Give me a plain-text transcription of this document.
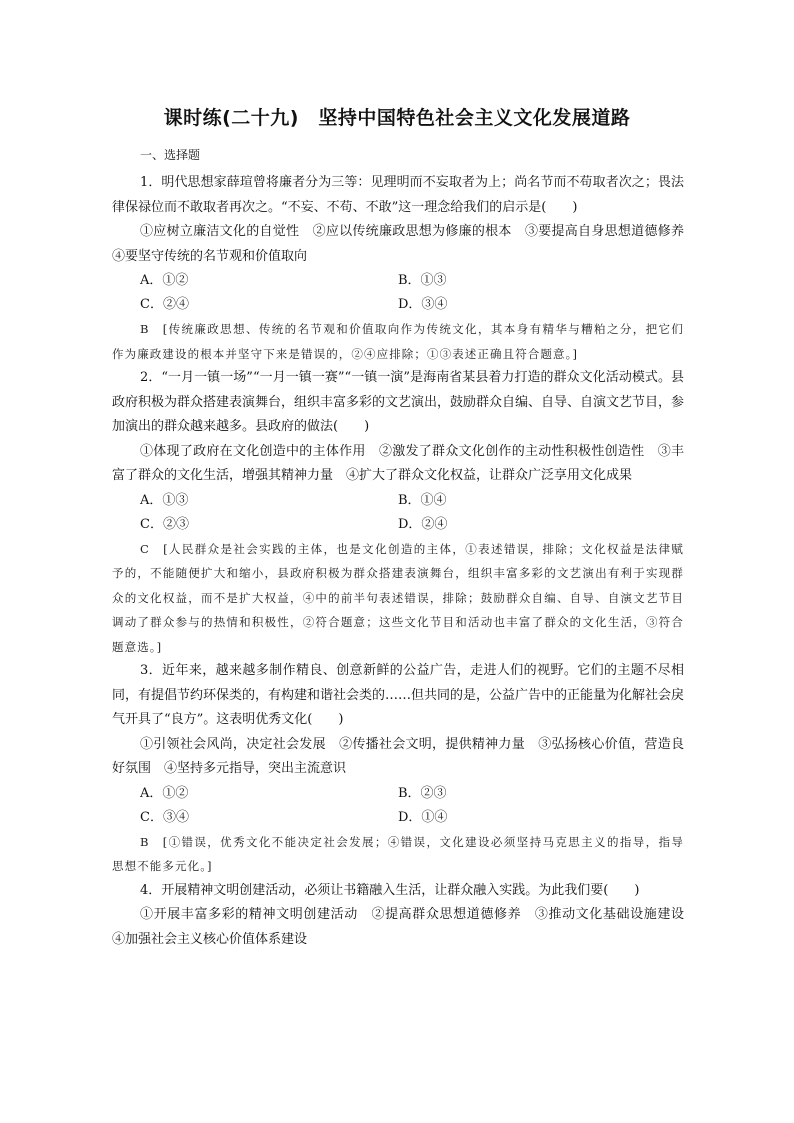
课时练(二十九)　坚持中国特色社会主义文化发展道路
一、选择题

1．明代思想家薛瑄曾将廉者分为三等：见理明而不妄取者为上；尚名节而不苟取者次之；畏法律保禄位而不敢取者再次之。“不妄、不苟、不敢”这一理念给我们的启示是(　　)

①应树立廉洁文化的自觉性　②应以传统廉政思想为修廉的根本　③要提高自身思想道德修养　④要坚守传统的名节观和价值取向

A．①②	B．①③
C．②④	D．③④

B　[传统廉政思想、传统的名节观和价值取向作为传统文化，其本身有精华与糟粕之分，把它们作为廉政建设的根本并坚守下来是错误的，②④应排除；①③表述正确且符合题意。]

2．“一月一镇一场”“一月一镇一赛”“一镇一演”是海南省某县着力打造的群众文化活动模式。县政府积极为群众搭建表演舞台，组织丰富多彩的文艺演出，鼓励群众自编、自导、自演文艺节目，参加演出的群众越来越多。县政府的做法(　　)

①体现了政府在文化创造中的主体作用　②激发了群众文化创作的主动性积极性创造性　③丰富了群众的文化生活，增强其精神力量　④扩大了群众文化权益，让群众广泛享用文化成果

A．①③	B．①④
C．②③	D．②④

C　[人民群众是社会实践的主体，也是文化创造的主体，①表述错误，排除；文化权益是法律赋予的，不能随便扩大和缩小，县政府积极为群众搭建表演舞台，组织丰富多彩的文艺演出有利于实现群众的文化权益，而不是扩大权益，④中的前半句表述错误，排除；鼓励群众自编、自导、自演文艺节目调动了群众参与的热情和积极性，②符合题意；这些文化节目和活动也丰富了群众的文化生活，③符合题意选。]

3．近年来，越来越多制作精良、创意新鲜的公益广告，走进人们的视野。它们的主题不尽相同，有提倡节约环保类的，有构建和谐社会类的……但共同的是，公益广告中的正能量为化解社会戾气开具了“良方”。这表明优秀文化(　　)

①引领社会风尚，决定社会发展　②传播社会文明，提供精神力量　③弘扬核心价值，营造良好氛围　④坚持多元指导，突出主流意识

A．①②	B．②③
C．③④	D．①④

B　[①错误，优秀文化不能决定社会发展；④错误，文化建设必须坚持马克思主义的指导，指导思想不能多元化。]

4．开展精神文明创建活动，必须让书籍融入生活，让群众融入实践。为此我们要(　　)

①开展丰富多彩的精神文明创建活动　②提高群众思想道德修养　③推动文化基础设施建设　④加强社会主义核心价值体系建设
